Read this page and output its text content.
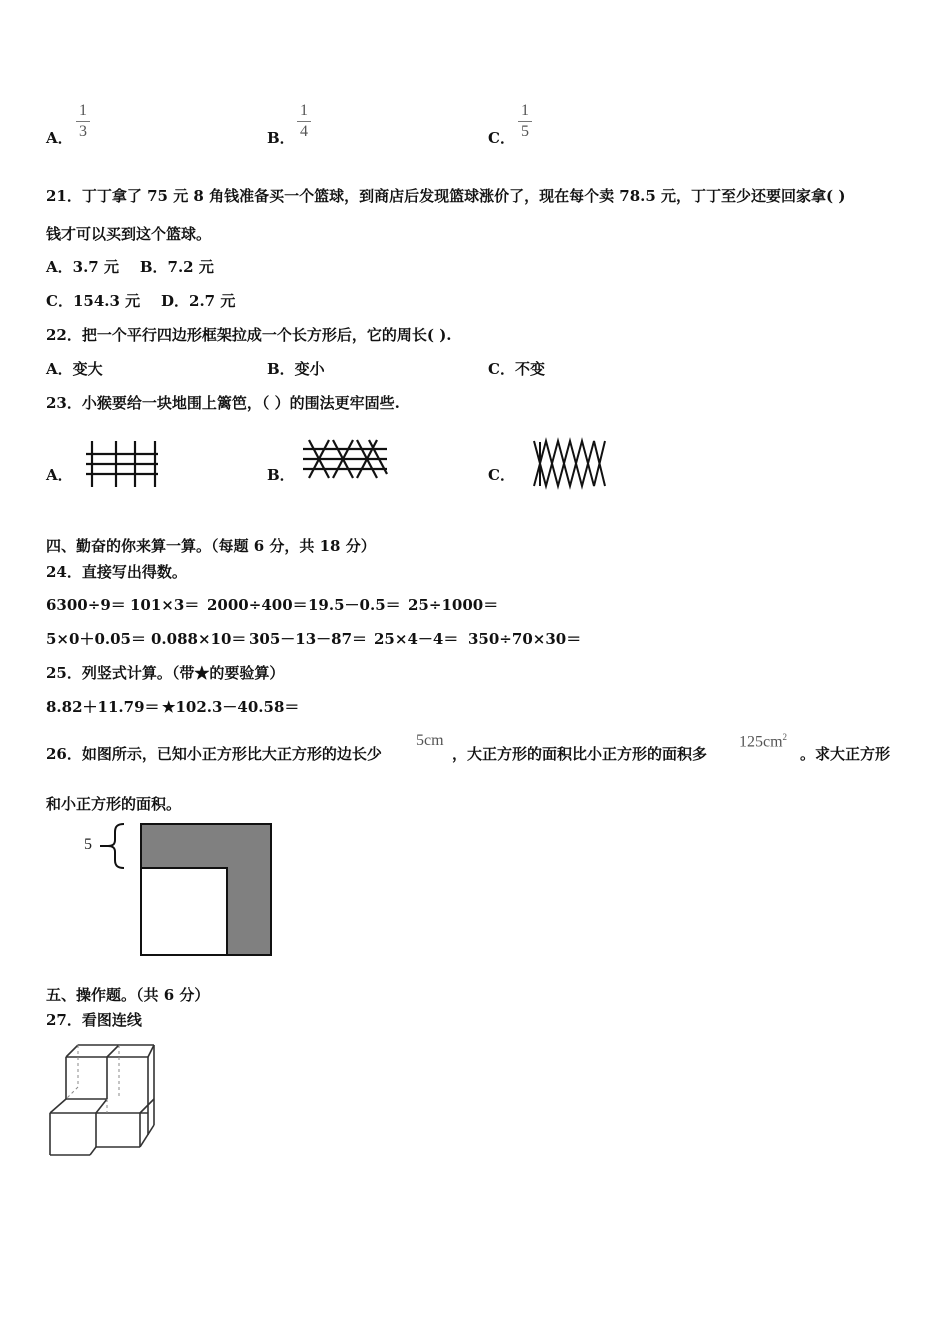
A．
1
3	B．
1
4	C．
1
5
21．丁丁拿了 75 元 8 角钱准备买一个篮球，到商店后发现篮球涨价了，现在每个卖 78.5 元，丁丁至少还要回家拿( )
钱才可以买到这个篮球。
A．3.7 元    B．7.2 元
C．154.3 元    D．2.7 元
22．把一个平行四边形框架拉成一个长方形后，它的周长( ).
A．变大	B．变小	C．不变
23．小猴要给一块地围上篱笆，（ ）的围法更牢固些.
A．	B．	C．
四、勤奋的你来算一算。（每题 6 分，共 18 分）
24．直接写出得数。
6300÷9＝ 101×3＝ 2000÷400＝ 19.5－0.5＝ 25÷1000＝
5×0＋0.05＝ 0.088×10＝ 305－13－87＝ 25×4－4＝ 350÷70×30＝
25．列竖式计算。（带★的要验算）
8.82＋11.79＝ ★102.3－40.58＝
26．如图所示，已知小正方形比大正方形的边长少
5cm
，大正方形的面积比小正方形的面积多
$125cm^2$
。求大正方形
和小正方形的面积。
5
五、操作题。（共 6 分）
27．看图连线
